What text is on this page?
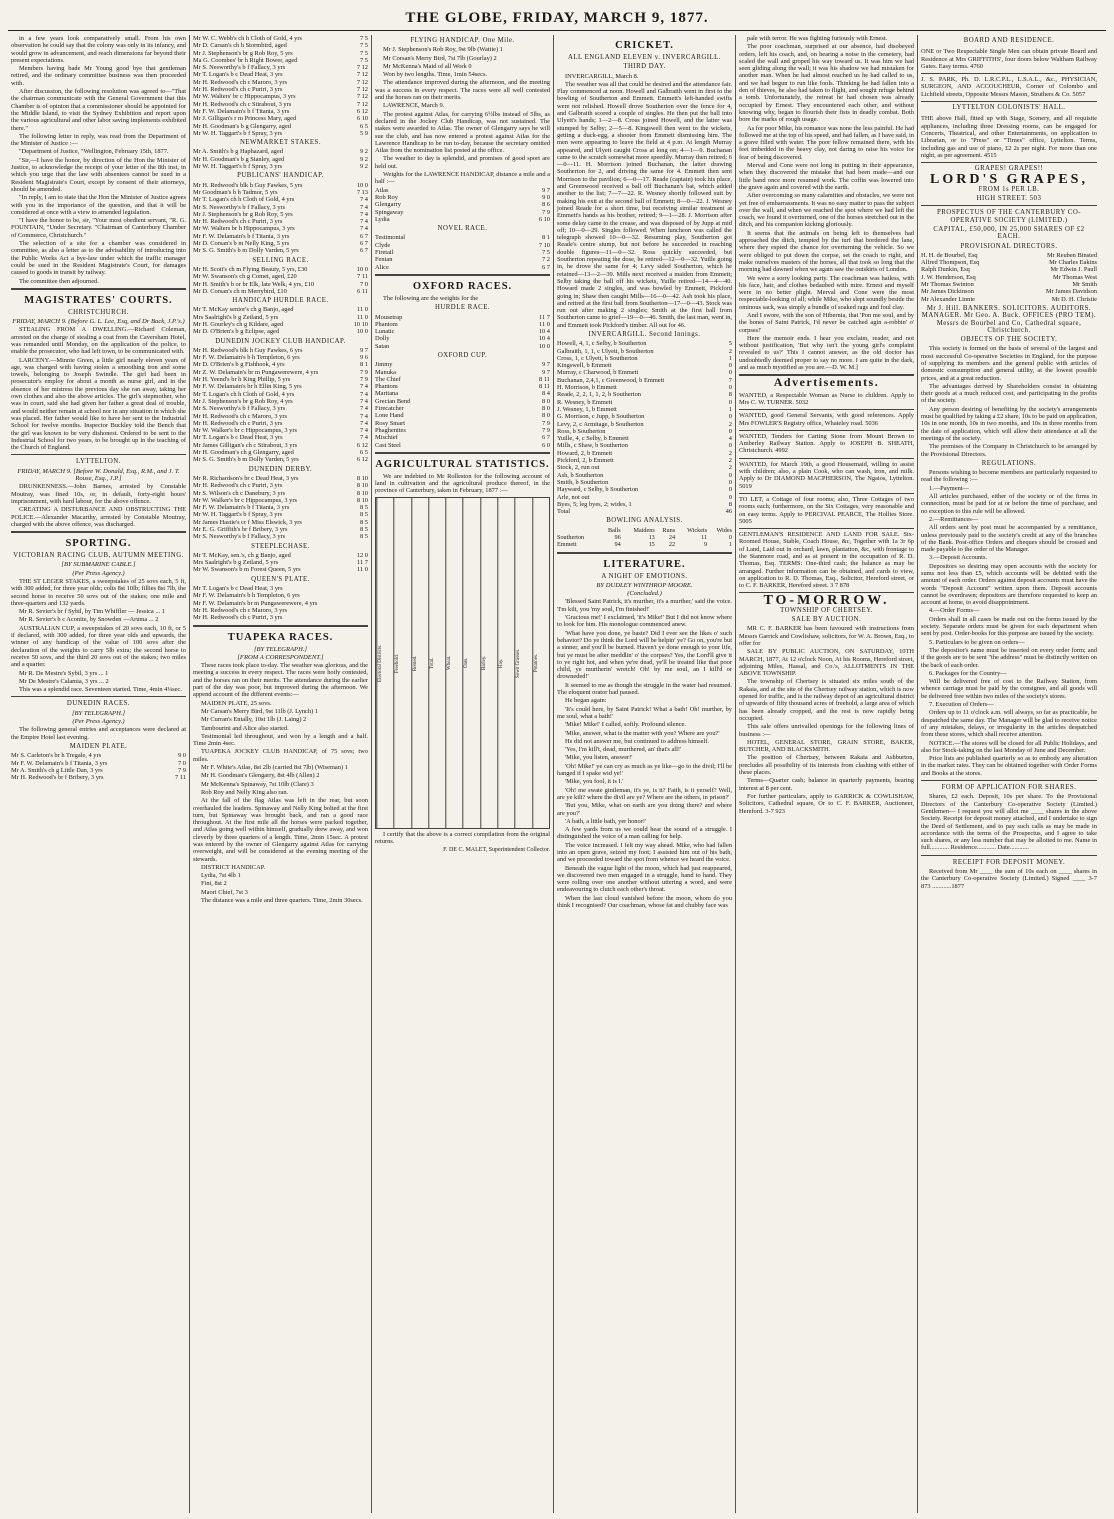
THE GLOBE, FRIDAY, MARCH 9, 1877.

in a few years look comparatively small. From his own observation he could say that the colony was only in its infancy, and would grow in advancement, and reach dimensions far beyond their present expectations.

Members having bade Mr Young good bye that gentleman retired, and the ordinary committee business was then proceeded with.

After discussion, the following resolution was agreed to—"That the chairman communicate with the General Government that this Chamber is of opinion that a commissioner should be appointed for the Middle Island, to visit the Sydney Exhibition and report upon the various agricultural and other labor saving implements exhibited there."

The following letter in reply, was read from the Department of the Minister of Justice :—

"Department of Justice, "Wellington, February 15th, 1877.

"Sir,—I have the honor, by direction of the Hon the Minister of Justice, to acknowledge the receipt of your letter of the 8th inst, in which you urge that the law with absentees cannot be sued in a Resident Magistrate's Court, except by consent of their attorneys, should be amended.

"In reply, I am to state that the Hon the Minister of Justice agrees with you in the importance of the question, and that it will be considered at once with a view to amended legislation.

"I have the honor to be, sir, "Your most obedient servant, "R. G. FOUNTAIN, "Under Secretary. "Chairman of Canterbury Chamber of Commerce, Christchurch."

The selection of a site for a chamber was considered in committee, as also a letter as to the advisability of introducing into the Public Works Act a bye-law under which the traffic manager could be sued in the Resident Magistrate's Court, for damages caused to goods in transit by railway.

The committee then adjourned.

MAGISTRATES' COURTS.
CHRISTCHURCH.
FRIDAY, MARCH 9. (Before G. L. Lee, Esq, and Dr Back, J.P.'s.)

STEALING FROM A DWELLING.—Richard Coleman, arrested on the charge of stealing a coat from the Caversham Hotel, was remanded until Monday, on the application of the police, to enable the prosecutor, who had left town, to be communicated with.

LARCENY.—Minnie Green, a little girl nearly eleven years of age, was charged with having stolen a smoothing iron and some towels, belonging to Joseph Swindle. The girl had been in prosecutor's employ for about a month as nurse girl, and in the absence of her mistress the previous day she ran away, taking her own clothes and also the above articles. The girl's stepmother, who was in court, said she had given her father a great deal of trouble, and would neither remain at school nor in any situation in which she was placed. Her father would like to have her sent to the Industrial School for twelve months. Inspector Buckley told the Bench that the girl was known to be very dishonest. Ordered to be sent to the Industrial School for two years, to be brought up in the teaching of the Church of England.

LYTTELTON.
FRIDAY, MARCH 9. [Before W. Donald, Esq., R.M., and J. T. Rouse, Esq., J.P.]

DRUNKENNESS.—John Barnes, arrested by Constable Moutray, was fined 10s, or, in default, forty-eight hours' imprisonment, with hard labour, for the above offence.

CREATING A DISTURBANCE AND OBSTRUCTING THE POLICE.—Alexander Macarthy, arrested by Constable Moutray, charged with the above offence, was discharged.

SPORTING.
VICTORIAN RACING CLUB, AUTUMN MEETING.
[BY SUBMARINE CABLE.]
(Per Press Agency.)

THE ST LEGER STAKES, a sweepstakes of 25 sovs each, 5 ft, with 300 added, for three year olds; colts 8st 10lb; fillies 8st 7lb, the second horse to receive 50 sovs out of the stakes; one mile and three-quarters and 132 yards.

Mr R. Sevier's br f Sybil, by Tim Whiffler — Jessica ... 1

Mr R. Sevier's b c Aconite, by Snowden —Aruma ... 2

AUSTRALIAN CUP, a sweepstakes of 20 sovs each, 10 ft, or 5 if declared, with 300 added, for three year olds and upwards, the winner of any handicap of the value of 100 sovs after the declaration of the weights to carry 5lb extra; the second horse to receive 50 sovs, and the third 20 sovs out of the stakes; two miles and a quarter.

Mr R. De Mestre's Sybil, 3 yrs ... 1

Mr De Mestre's Calamia, 3 yrs ... 2

This was a splendid race. Seventeen started. Time, 4min 4¼sec.

DUNEDIN RACES.
[BY TELEGRAPH.]
(Per Press Agency.)

The following general entries and acceptances were declared at the Empire Hotel last evening.

MAIDEN PLATE.
Mr S. Carleton's br h Tregale, 4 yrs	9 0
Mr F. W. Delamain's b f Titania, 3 yrs	7 0
Mr A. Smith's ch g Little Dan, 3 yrs	7 9
Mr H. Redwood's br f Bribery, 3 yrs	7 11
Mr W. C. Webb's ch h Cloth of Gold, 4 yrs	7 5
Mr D. Carsan's ch h Stormbird, aged	7 5
Mr J. Stephenson's br g Rob Roy, 5 yrs	7 5
Ma G. Coombes' br h Right Bower, aged	7 5
Mr S. Nesworthy's b f Fallacy, 3 yrs	7 12
Mr T. Logan's b c Dead Heat, 3 yrs	7 12
Mr H. Redwood's ch c Maroro, 3 yrs	7 12
Mr H. Redwood's ch c Puriri, 3 yrs	7 12
Mr W. Walters' br c Hippocampus, 3 yrs	7 12
Mr H. Redwood's ch c Stirabout, 3 yrs	7 12
Mr F. W. Delamain's b f Titania, 3 yrs	6 12
Mr J. Gilligan's r m Princess Mary, aged	6 10
Mr H. Goodman's b g Glengarry, aged	6 5
Mr W. H. Taggart's b f Spray, 3 yrs	5 9
NEWMARKET STAKES.
Mr A. Smith's b g Haphazard, aged	9 2
Mr H. Goodman's b g Stanley, aged	9 2
Mr W. H. Taggart's b f Spray, 3 yrs	9 2
PUBLICANS' HANDICAP.
Mr H. Redwood's blk h Guy Fawkes, 5 yrs	10 0
Mr Goodman's b h Tadmor, 5 yrs	7 13
Mr T. Logan's ch h Cloth of Gold, 4 yrs	7 4
Mr S. Nesworthy's b f Fallacy, 3 yrs	7 4
Mr J. Stephenson's br g Rob Roy, 5 yrs	7 4
Mr H. Redwood's ch c Puriri, 3 yrs	7 4
Mr W. Walters br h Hippocampus, 3 yrs	7 4
Mr F. W. Delamain's b f Titania, 3 yrs	6 7
Mr D. Corsan's b m Nelly King, 5 yrs	6 7
Mr S. G. Smith's b m Dolly Varden, 5 yrs	6 7
SELLING RACE.
Mr H. Scott's ch m Flying Beauty, 5 yrs, £30	10 0
Mr W. Swanson's ch g Comet, aged, £20	7 11
Mr H. Smith's b or br Elk, late Welk, 4 yrs, £10	7 0
Mr D. Corsan's ch m Merrybird, £10	6 11
HANDICAP HURDLE RACE.
Mr T. McKay senior's ch g Banjo, aged	11 0
Mrs Saalright's b g Zetland, 5 yrs	11 0
Mr H. Gourley's ch g Kildare, aged	10 10
Mr D. O'Brien's b g Eclipse, aged	10 0
DUNEDIN JOCKEY CLUB HANDICAP.
Mr H. Redwood's blk h Guy Fawkes, 6 yrs	9 7
Mr F. W. Delamain's b h Templeton, 6 yrs	9 6
Mr D. O'Brien's b g Fishhook, 4 yrs	8 1
Mr Z. W. Delamain's br m Pungawerewere, 4 yrs	7 9
Mr H. Yeend's br h King Phillip, 5 yrs	7 9
Mr F. W. Delamain's br h Ellin King, 5 yrs	7 4
Mr T. Logan's ch h Cloth of Gold, 4 yrs	7 4
Mr J. Stephenson's br g Rob Roy, 4 yrs	7 4
Mr S. Nesworthy's b f Fallacy, 3 yrs	7 4
Mr H. Redwood's ch c Maroro, 3 yrs	7 4
Mr H. Redwood's ch c Puriri, 3 yrs	7 4
Mr W. Walker's br c Hippocampus, 3 yrs	7 4
Mr T. Logan's b c Dead Heat, 3 yrs	7 4
Mr James Gilligan's ch c Stirabout, 3 yrs	6 12
Mr H. Goodman's ch g Glengarry, aged	6 5
Mr S. G. Smith's b m Dolly Varden, 5 yrs	6 12
DUNEDIN DERBY.
Mr R. Richardson's br c Dead Heat, 3 yrs	8 10
Mr H. Redwood's ch c Puriri, 3 yrs	8 10
Mr S. Wilson's ch c Danebury, 3 yrs	8 10
Mr W. Walker's br c Hippocampus, 3 yrs	8 10
Mr F. W. Delamain's b f Titania, 3 yrs	8 5
Mr W. H. Taggart's b f Spray, 3 yrs	8 5
Mr James Hastie's cr f Miss Elswick, 3 yrs	8 5
Mr E. G. Griffith's br f Bribery, 3 yrs	8 5
Mr S. Nesworthy's b f Fallacy, 3 yrs	8 5
STEEPLECHASE.
Mr T. McKay, sen.'s, ch g Banjo, aged	12 0
Mrs Saalright's b g Zetland, 5 yrs	11 7
Mr W. Swanson's b m Forest Queen, 5 yrs	11 0
QUEEN'S PLATE.
Mr T. Logan's b c Dead Heat, 3 yrs
Mr F. W. Delamain's b h Templeton, 6 yrs
Mr F. W. Delamain's br m Pungawerewere, 4 yrs
Mr H. Redwood's ch c Maroro, 3 yrs
Mr H. Redwood's ch c Puriri, 3 yrs
TUAPEKA RACES.
[BY TELEGRAPH.]
[FROM A CORRESPONDENT.]

These races took place to-day. The weather was glorious, and the meeting a success in every respect. The races were hotly contested, and the horses ran on their merits. The attendance during the earlier part of the day was poor, but improved during the afternoon. We append account of the different events:—

MAIDEN PLATE, 25 sovs.

Mr Carsan's Merry Bird, 9st 11lb (J. Lynch) 1

Mr Curran's Entally, 10st 1lb (J. Laing) 2

Tambourini and Alice also started.

Testimonial led throughout, and won by a length and a half. Time 2min 4sec.

TUAPEKA JOCKEY CLUB HANDICAP, of 75 sovs; two miles.

Mr F. White's Atlas, 8st 2lb (carried 8st 7lb) (Wiseman) 1

Mr H. Goodman's Glengarry, 8st 4lb (Allen) 2

Mr McKenna's Spinaway, 7st 10lb (Clare) 3

Rob Roy and Nelly King also ran.

At the fall of the flag Atlas was left in the rear, but soon overhauled the leaders. Spinaway and Nelly King bolted at the first turn, but Spinaway was brought back, and ran a good race throughout. At the first mile all the horses were packed together, and Atlas going well within himself, gradually drew away, and won cleverly by three quarters of a length. Time, 2min 15sec. A protest was entered by the owner of Glengarry against Atlas for carrying overweight, and will be considered at the evening meeting of the stewards.

DISTRICT HANDICAP.

Lydia, 7st 4lb 1

Fini, 8st 2

Maori Chief, 7st 3

The distance was a mile and three quarters. Time, 2min 30secs.

FLYING HANDICAP. One Mile.

Mr J. Stephenson's Rob Roy, 9st 9lb (Wattie) 1

Mr Corsan's Merry Bird, 7st 7lb (Gourlay) 2

Mr McKenna's Maid of all Work 0

Won by two lengths. Time, 1min 54secs.

The attendance improved during the afternoon, and the meeting was a success in every respect. The races were all well contested and the horses ran on their merits.

LAWRENCE, March 9.

The protest against Atlas, for carrying 6½lbs instead of 5lbs, as declared in the Jockey Club Handicap, was not sustained. The stakes were awarded to Atlas. The owner of Glengarry says he will sue the club, and has now entered a protest against Atlas for the Lawrence Handicap to be run to-day, because the secretary omitted Atlas from the nomination list posted at the office.

The weather to day is splendid, and promises of good sport are held out.

Weights for the LAWRENCE HANDICAP, distance a mile and a half :—

Atlas	9 7
Rob Roy	9 0
Glengarry	8 6
Spingaway	7 9
Lydia	6 10
NOVEL RACE.
Testimonial	8 1
Clyde	7 10
Firetail	7 5
Fenian	7 2
Alice	6 7
OXFORD RACES.

The following are the weights for the

HURDLE RACE.
Mousetrap	11 7
Phantom	11 0
Lunatic	10 4
Dolly	10 4
Satan	10 0
OXFORD CUP.
Jimmy	9 7
Manuka	9 7
The Chief	8 11
Phantom	8 11
Maritana	8 4
Grecian Bend	8 0
Firecatcher	8 0
Lone Hand	8 0
Rosy Smart	7 9
Phaghenites	7 9
Mischief	6 7
Cast Steel	6 0
AGRICULTURAL STATISTICS.

We are indebted to Mr Rolleston for the following account of land in cultivation and the agricultural produce thereof, in the province of Canterbury, taken in February, 1877 :—

Electoral Districts.	Freehold.	Rented.	Total.	Wheat.	Oats.	Barley.	Hay.	Sown Grasses.	Potatoes.

I certify that the above is a correct compilation from the original returns.

F. DE C. MALET, Superintendent Collector.
CRICKET.
ALL ENGLAND ELEVEN v. INVERCARGILL.
THIRD DAY.

INVERCARGILL, March 8.

The weather was all that could be desired and the attendance fair. Play commenced at noon. Howell and Galbraith went in first to the bowling of Southerton and Emmett. Emmett's left-handed swifts were not relished. Howell drove Southerton over the fence for 4, and Galbraith scored a couple of singles. He then put the ball into Ulyett's hands; 1—2—8. Cross joined Howell, and the latter was stumped by Selby; 2—5—8. Kingswell then went to the wickets, getting a duck-egg, a shooter from Emmett dismissing him. The men were appearing to leave the field at 4 p.m. At length Murray appeared, and Ulyett caught Cross at long on; 4—1—9. Buchanan came to the scratch somewhat more speedily. Murray then retired; 6—0—11. H. Morrison joined Buchanan, the latter drawing Southerton for 2, and driving the same for 4. Emmett then sent Morrison to the pavilion; 6—0—17. Reade (captain) took his place, and Greenwood received a ball off Buchanan's bat, which added another to the list; 7—7—22. R. Wesney shortly followed suit by making his exit at the second ball of Emmett; 8—0—22. J. Wesney joined Reade for a short time, but receiving similar treatment at Emmett's hands as his brother, retired; 9—1—28. J. Morrison after some delay came to the crease, and was disposed of by Jupp at mid off; 10—0—29. Singles followed. When luncheon was called the telegraph showed 10—0—32. Resuming play, Southerton got Reade's centre stump, but not before he succeeded in reaching double figures—11—0—32. Ross quickly succeeded, but Southerton repeating the dose, he retired—12—0—32. Yuille going in, he drove the same for 4; Levy sided Southerton, which he retained—13—2—39. Mills next received a maiden from Emmett; Selby taking the ball off his wickets, Yuille retired—14—4—40. Howard made 2 singles, and was bowled by Emmett, Pickford going in; Shaw then caught Mills—16—0—42. Ash took his place, and retired at the first ball from Southerton—17—0—43. Stock was run out after making 2 singles; Smith at the first ball from Southerton came to grief—19—0—46. Smith, the last man, went in, and Emmett took Pickford's timber. All out for 46.

INVERCARGILL. Second Innings.
Howell, 4, 1, c Selby, b Southerton	5
Galbraith, 1, 1, c Ulyett, b Southerton	2
Cross, 1, c Ulyett, b Southerton	1
Kingswell, b Emmett	0
Murray, c Charwood, b Emmett	0
Buchanan, 2,4,1, c Greenwood, b Emmett	7
H. Morrison, b Emmett	0
Reade, 2, 2, 1, 1, 2, b Southerton	8
R. Wesney, b Emmett	0
J. Wesney, 1, b Emmett	1
G. Morrison, c Jupp, b Southerton	0
Levy, 2, c Armitage, b Southerton	2
Ross, b Southerton	0
Yuille, 4, c Selby, b Emmett	4
Mills, c Shaw, b Southerton	0
Howard, 2, b Emmett	2
Pickford, 2, b Emmett	2
Stock, 2, run out	2
Ash, b Southerton	0
Smith, b Southerton	0
Hayward, c Selby, b Southerton	0
Arle, not out	0
Byes, 5; leg byes, 2; wides, 1	8
Total	46
BOWLING ANALYSIS.
	Balls	Maidens	Runs	Wickets	Wides
Southerton	96	13	24	11	0
Emmett	94	15	22	9	1
LITERATURE.
A NIGHT OF EMOTIONS.
BY DUDLEY WINTHROP MOORE.
(Concluded.)

'Blessed Saint Patrick, it's murther, it's a murther,' said the voice. 'I'm kilt, you 'my soul, I'm finished!'

'Gracious me!' I exclaimed, 'it's Mike!' But I did not know where to look for him. His monologue commenced anew.

'What have you done, ye baste? Did I ever see the likes o' such behavior? Do ye think the Lord will be helpin' ye? Go on, you're but a sinner, and you'll be burned. Haven't ye done enough to your life, but ye must be after meddlin' o' the corpses? Yes, the Lord'll give it to ye right hot, and when ye're dead, ye'll be treated like that poor child, ye murtherin' wretch! Oh! by me soul, an I kill'd or drowneded!'

It seemed to me as though the struggle in the water had resumed. The eloquent orator had paused.

He began again:

'It's could here, by Saint Patrick! What a bath! Oh! murther, by me soul, what a bath!'

'Mike! Mike!' I called, softly. Profound silence.

'Mike, answer, what is the matter with you? Where are you?'

He did not answer me, but continued to address himself.

'Yes, I'm kill't, dead, murthered, an' that's all!'

'Mike, you listen, answer!'

'Oh! Mike!' ye can cry as much as ye like—go to the divil; I'll be hanged if I spake wid ye!'

'Mike, you fool, it is I.'

'Oh! me swate gintleman, it's ye, is it? Faith, is it yerself? Well, are ye kilt? where the divil are ye? Where are the others, in prison?'

'But you, Mike, what on earth are you doing there? and where are you?'

'A bath, a little bath, yer honor!'

A few yards from us we could hear the sound of a struggle. I distinguished the voice of a man calling for help.

The voice increased. I felt my way ahead. Mike, who had fallen into an open grave, seized my foot; I assisted him out of his bath, and we proceeded toward the spot from whence we heard the voice.

Beneath the vague light of the moon, which had just reappeared, we discovered two men engaged in a struggle, hand to hand. They were rolling over one another without uttering a word, and were endeavouring to clutch each other's throat.

When the last cloud vanished before the moon, whom do you think I recognised? Our coachman, whose fat and chubby face was

pale with terror. He was fighting furiously with Ernest.

The poor coachman, surprised at our absence, had disobeyed orders, left his coach, and, on hearing a noise in the cemetery, had scaled the wall and groped his way toward us. It was him we had seen gliding along the wall; it was his shadow we had mistaken for another man. When he had almost reached us he had called to us, and we had begun to run like fools. Thinking he had fallen into a den of thieves, he also had taken to flight, and sought refuge behind a tomb. Unfortunately, the retreat he had chosen was already occupied by Ernest. They encountered each other, and without knowing why, began to flourish their fists in deadly combat. Both bore the marks of rough usage.

As for poor Mike, his romance was none the less painful. He had followed me at the top of his speed, and had fallen, as I have said, in a grave filled with water. The poor fellow remained there, with his feet imbedded in the heavy clay, not daring to raise his voice for fear of being discovered.

Merval and Cone were not long in putting in their appearance, when they discovered the mistake that had been made—and our little band once more resumed work. The coffin was lowered into the grave again and covered with the earth.

After overcoming so many calamities and obstacles, we were not yet free of embarrassments. It was no easy matter to pass the subject over the wall, and when we reached the spot where we had left the coach, we found it overturned, one of the horses stretched out in the ditch, and his companion kicking gloriously.

It seems that the animals on being left to themselves had approached the ditch, tempted by the turf that bordered the lane, where they espied the chance for overturning the vehicle. So we were obliged to put down the corpse, set the coach to right, and make ourselves masters of the horses, all that took so long that the morning had dawned when we again saw the outskirts of London.

We were a sorry looking party. The coachman was hatless, with his face, hair, and clothes bedaubed with mire. Ernest and myself were in no better plight. Merval and Cone were the most respectable-looking of all; while Mike, who slept soundly beside the ominous sack, was simply a bundle of soaked rags and foul clay.

And I swore, with the son of Hibernia, that 'Pon me soul, and by the bones of Saint Patrick, I'd never be catched agin a-robbin' o' corpses!'

Here the memoir ends. I hear you exclaim, reader, and not without justification, 'But why isn't the young girl's complaint revealed to us?' This I cannot answer, as the old doctor has undoubtedly deemed proper to say no more. I am quite in the dark, and as much mystified as you are.—D. W. M.]

Advertisements.
WANTED, a Respectable Woman as Nurse to children. Apply to Mrs C. W. TURNER. 5032
WANTED, good General Servants, with good references. Apply Mrs FOWLER'S Registry office, Whateley road. 5036
WANTED, Tenders for Carting Stone from Mount Brown to Amberley Railway Station. Apply to JOSEPH B. SHEATH, Christchurch. 4992
WANTED, for March 19th, a good Housemaid, willing to assist with children; also, a plain Cook, who can wash, iron, and milk. Apply to Dr DIAMOND MACPHERSON, The Ngaios, Lyttelton. 5019
TO LET, a Cottage of four rooms; also, Three Cottages of two rooms each; furthermore, on the Six Cottages, very reasonable and on easy terms. Apply to PERCIVAL PEARCE, The Hollies Store. 5005
GENTLEMAN'S RESIDENCE AND LAND FOR SALE. Six-Roomed House, Stable, Coach House, &c, Together with 1a 3r 6p of Land, Laid out in orchard, lawn, plantation, &c, with frontage to the Stanmore road, and as at present in the occupation of R. D. Thomas, Esq. TERMS: One-third cash; the balance as may be arranged. Further information can be obtained, and cards to view, on application to R. D. Thomas, Esq., Solicitor, Hereford street, or to C. F. BARKER, Hereford street. 3 7 878
TO-MORROW.
TOWNSHIP OF CHERTSEY.
SALE BY AUCTION.

MR C. F. BARKER has been favoured with instructions from Messrs Garrick and Cowlishaw, solicitors, for W. A. Brown, Esq., to offer for

SALE BY PUBLIC AUCTION, ON SATURDAY, 10TH MARCH, 1877, At 12 o'clock Noon, At his Rooms, Hereford street, adjoining Miles, Hassal, and Co.'s, ALLOTMENTS IN THE ABOVE TOWNSHIP.

The township of Chertsey is situated six miles south of the Rakaia, and at the site of the Chertsey railway station, which is now opened for traffic, and is the railway depot of an agricultural district of upwards of fifty thousand acres of freehold, a large area of which has been already cropped, and the rest is now rapidly being occupied.

This sale offers unrivalled openings for the following lines of business :—

HOTEL, GENERAL STORE, GRAIN STORE, BAKER, BUTCHER, AND BLACKSMITH.

The position of Chertsey, between Rakaia and Ashburton, precludes all possibility of its interests from clashing with either of these places.

Terms—Quarter cash; balance in quarterly payments, bearing interest at 8 per cent.

For further particulars, apply to GARRICK & COWLISHAW, Solicitors, Cathedral square, Or to C. F. BARKER, Auctioneer, Hereford. 3-7 923

BOARD AND RESIDENCE.
ONE or Two Respectable Single Men can obtain private Board and Residence at Mrs GRIFFITHS', four doors below Waltham Railway Gates. Easy terms. 4760
J. S. PARK, Ph. D. L.R.C.P.L., L.S.A.L., &c., PHYSICIAN, SURGEON, AND ACCOUCHEUR, Corner of Colombo and Lichfield streets, Opposite Messrs Mason, Struthers & Co. 5057
LYTTELTON COLONISTS' HALL.
THE above Hall, fitted up with Stage, Scenery, and all requisite appliances, including three Dressing rooms, can be engaged for Concerts, Theatrical, and other Entertainments, on application to Librarian, or to "Press" or "Times" office, Lyttelton. Terms, including gas and use of piano, £2 2s per night. For more than one night, as per agreement. 4515
GRAPES! GRAPES!!
LORD'S GRAPES,
FROM 1s PER LB.
HIGH STREET. 503
PROSPECTUS OF THE CANTERBURY CO-OPERATIVE SOCIETY (LIMITED.)
CAPITAL, £50,000, IN 25,000 SHARES OF £2 EACH.
PROVISIONAL DIRECTORS.
H. H. de Bourbel, Esq	Mr Reuben Binsted
Alfred Thompson, Esq	Mr Charles Eakins
Ralph Dunkin, Esq	Mr Edwin J. Paull
J. W. Henderson, Esq	Mr Thomas West
Mr Thomas Swinton	Mr Smith
Mr James Dickinson	Mr James Davidson
Mr Alexander Linnie	Mr D. H. Christie
Mr J. Hill. BANKERS. SOLICITORS. AUDITORS. MANAGER. Mr Geo. A. Buck. OFFICES (PRO TEM). Messrs de Bourbel and Co, Cathedral square, Christchurch.
OBJECTS OF THE SOCIETY.

This society is formed on the basis of several of the largest and most successful Co-operative Societies in England, for the purpose of supplying its members and the general public with articles of domestic consumption and general utility, at the lowest possible prices, and at a great reduction.

The advantages derived by Shareholders consist in obtaining their goods at a much reduced cost, and participating in the profits of the society.

Any person desiring of benefiting by the society's arrangements must be qualified by taking a £2 share, 10s to be paid on application, 10s in one month, 10s in two months, and 10s in three months from the date of application, which will allow their attendance at all the meetings of the society.

The premises of the Company in Christchurch to be arranged by the Provisional Directors.

REGULATIONS.

Persons wishing to become members are particularly requested to read the following :—

1.—Payment—

All articles purchased, either of the society or of the firms in connection, must be paid for at or before the time of purchase, and no exception to this rule will be allowed.

2.—Remittances—

All orders sent by post must be accompanied by a remittance, unless previously paid to the society's credit at any of the branches of the Bank. Post-office Orders and cheques should be crossed and made payable to the order of the Manager.

3.—Deposit Accounts.

Depositors so desiring may open accounts with the society for sums not less than £5, which accounts will be debited with the amount of each order. Orders against deposit accounts must have the words "Deposit Account" written upon them. Deposit accounts cannot be overdrawn; depositors are therefore requested to keep an account at home, to avoid disappointment.

4.—Order Forms—

Orders shall in all cases be made out on the forms issued by the society. Separate orders must be given for each department when sent by post. Order-books for this purpose are issued by the society.

5. Particulars to be given on orders—

The depositor's name must be inserted on every order form; and if the goods are to be sent "the address" must be distinctly written on the back of each order.

6. Packages for the Country—

Will be delivered free of cost to the Railway Station, from whence carriage must be paid by the consignee, and all goods will be delivered free within two miles of the society's stores.

7. Execution of Orders—

Orders up to 11 o'clock a.m. will always, so far as practicable, be despatched the same day. The Manager will be glad to receive notice of any mistakes, delays, or irregularity in the articles despatched from these stores, which shall receive attention.

NOTICE.—The stores will be closed for all Public Holidays, and also for Stock-taking on the last Monday of June and December.

Price lists are published quarterly so as to embody any alteration in the market rates. They can be obtained together with Order Forms and Books at the stores.

FORM OF APPLICATION FOR SHARES.

Shares, £2 each. Deposit, 10s per share. To the Provisional Directors of the Canterbury Co-operative Society (Limited.) Gentlemen— I request you will allot me ____ shares in the above Society. Receipt for deposit money attached, and I undertake to sign the Deed of Settlement, and to pay such calls as may be made in accordance with the terms of the Prospectus, and I agree to take such shares, or any less number that may be allotted to me. Name in full............ Residence............ Date............

RECEIPT FOR DEPOSIT MONEY.

Received from Mr ____ the sum of 10s each on ____ shares in the Canterbury Co-operative Society (Limited.) Signed ____ 3-7 873 ............1877
